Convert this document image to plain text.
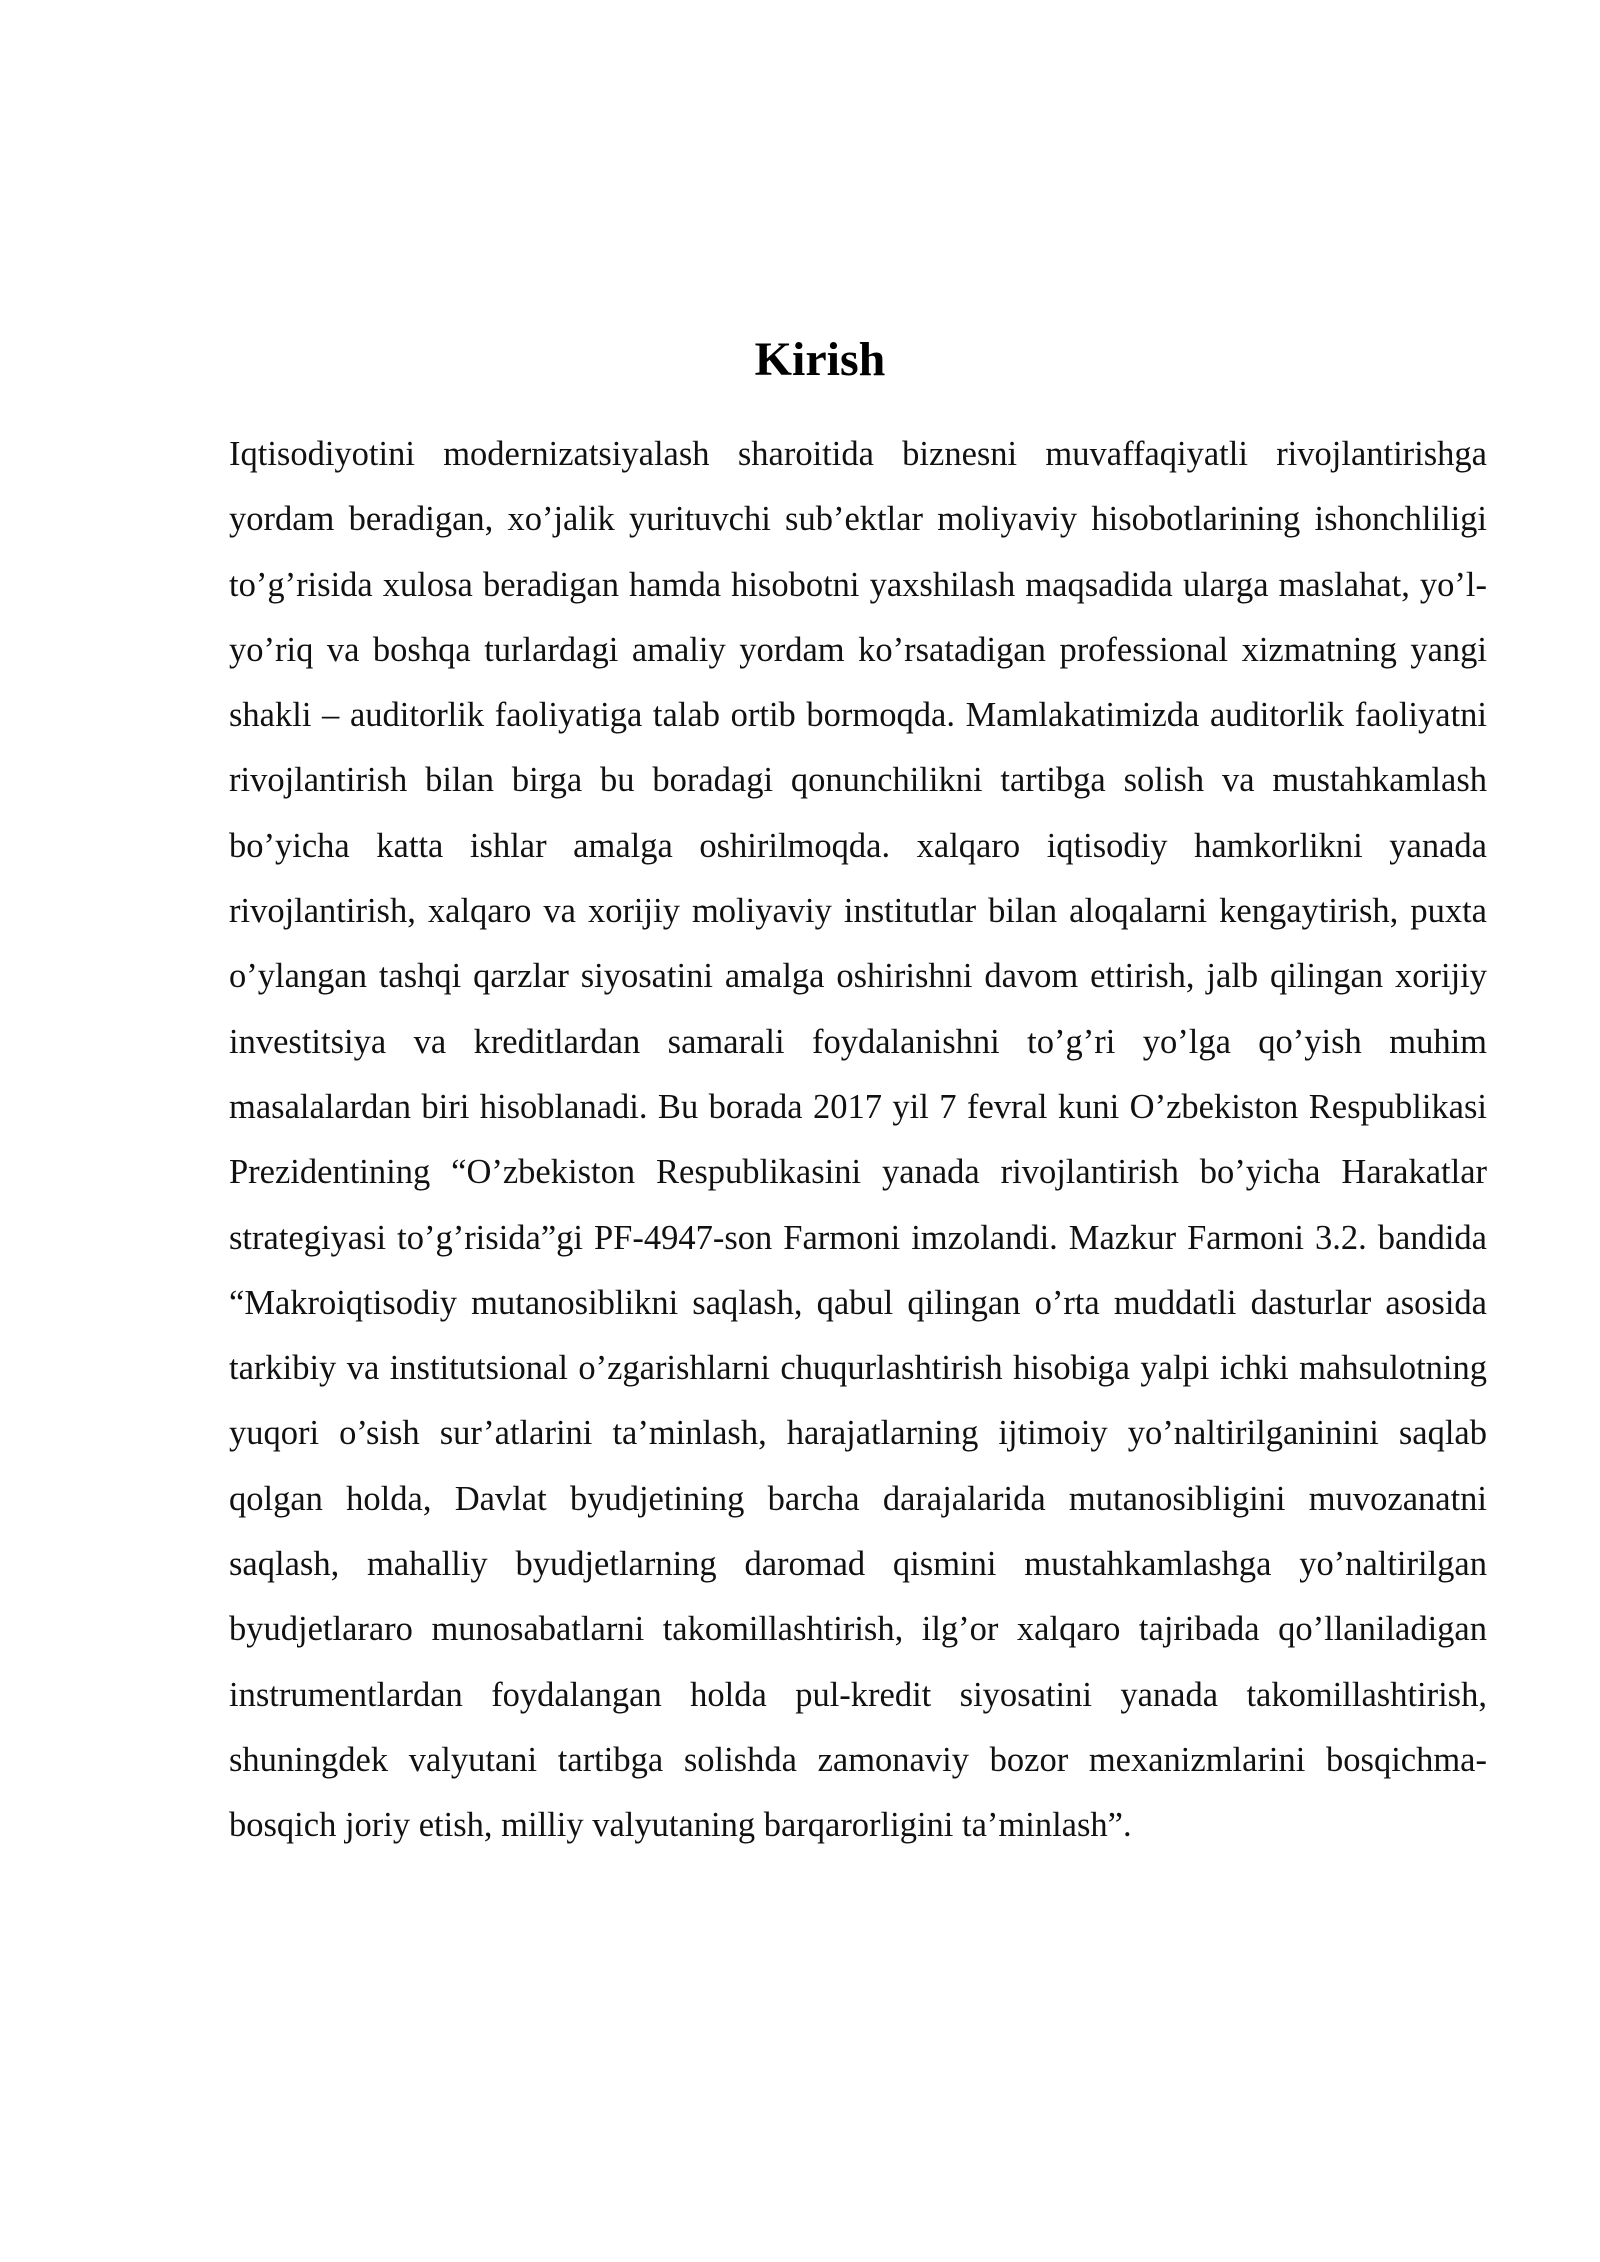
Kirish

Iqtisodiyotini modernizatsiyalash sharoitida biznesni muvaffaqiyatli rivojlantirishga yordam beradigan, xo’jalik yurituvchi sub’ektlar moliyaviy hisobotlarining ishonchliligi to’g’risida xulosa beradigan hamda hisobotni yaxshilash maqsadida ularga maslahat, yo’l-yo’riq va boshqa turlardagi amaliy yordam ko’rsatadigan professional xizmatning yangi shakli – auditorlik faoliyatiga talab ortib bormoqda. Mamlakatimizda auditorlik faoliyatni rivojlantirish bilan birga bu boradagi qonunchilikni tartibga solish va mustahkamlash bo’yicha katta ishlar amalga oshirilmoqda. xalqaro iqtisodiy hamkorlikni yanada rivojlantirish, xalqaro va xorijiy moliyaviy institutlar bilan aloqalarni kengaytirish, puxta o’ylangan tashqi qarzlar siyosatini amalga oshirishni davom ettirish, jalb qilingan xorijiy investitsiya va kreditlardan samarali foydalanishni to’g’ri yo’lga qo’yish muhim masalalardan biri hisoblanadi. Bu borada 2017 yil 7 fevral kuni O’zbekiston Respublikasi Prezidentining “O’zbekiston Respublikasini yanada rivojlantirish bo’yicha Harakatlar strategiyasi to’g’risida”gi PF-4947-son Farmoni imzolandi. Mazkur Farmoni 3.2. bandida “Makroiqtisodiy mutanosiblikni saqlash, qabul qilingan o’rta muddatli dasturlar asosida tarkibiy va institutsional o’zgarishlarni chuqurlashtirish hisobiga yalpi ichki mahsulotning yuqori o’sish sur’atlarini ta’minlash, harajatlarning ijtimoiy yo’naltirilganinini saqlab qolgan holda, Davlat byudjetining barcha darajalarida mutanosibligini muvozanatni saqlash, mahalliy byudjetlarning daromad qismini mustahkamlashga yo’naltirilgan byudjetlararo munosabatlarni takomillashtirish, ilg’or xalqaro tajribada qo’llaniladigan instrumentlardan foydalangan holda pul-kredit siyosatini yanada takomillashtirish, shuningdek valyutani tartibga solishda zamonaviy bozor mexanizmlarini bosqichma-bosqich joriy etish, milliy valyutaning barqarorligini ta’minlash”.
